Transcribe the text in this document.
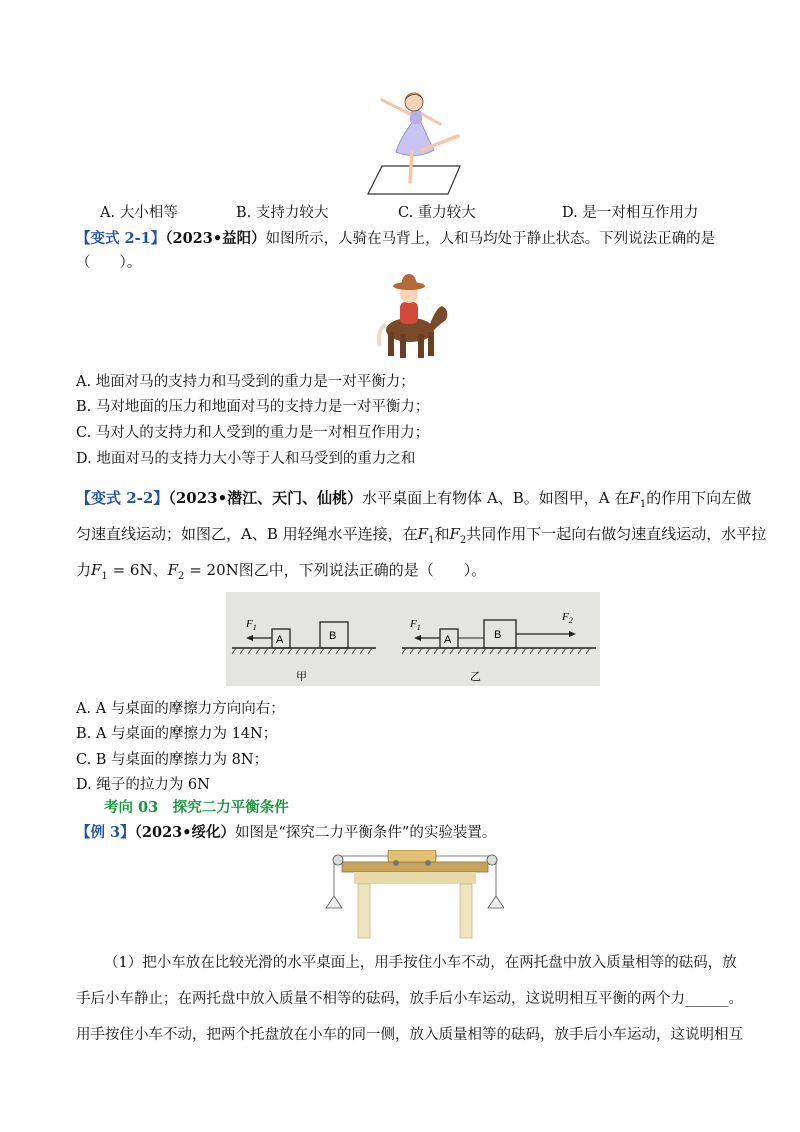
A. 大小相等	B. 支持力较大	C. 重力较大	D. 是一对相互作用力
【变式 2-1】（2023•益阳）如图所示，人骑在马背上，人和马均处于静止状态。下列说法正确的是
（　　）。
A. 地面对马的支持力和马受到的重力是一对平衡力；
B. 马对地面的压力和地面对马的支持力是一对平衡力；
C. 马对人的支持力和人受到的重力是一对相互作用力；
D. 地面对马的支持力大小等于人和马受到的重力之和
【变式 2-2】（2023•潜江、天门、仙桃）水平桌面上有物体 A、B。如图甲，A 在$F_1$的作用下向左做
匀速直线运动；如图乙，A、B 用轻绳水平连接，在$F_1$和$F_2$共同作用下一起向右做匀速直线运动，水平拉
力$F_1 = 6N$、$F_2 = 20N$图乙中，下列说法正确的是（　　）。
A	B
$F_1$
甲
A	B
$F_1$
$F_2$
乙
A. A 与桌面的摩擦力方向向右；
B. A 与桌面的摩擦力为 14N；
C. B 与桌面的摩擦力为 8N；
D. 绳子的拉力为 6N
考向 03　探究二力平衡条件
【例 3】（2023•绥化）如图是“探究二力平衡条件”的实验装置。
（1）把小车放在比较光滑的水平桌面上，用手按住小车不动，在两托盘中放入质量相等的砝码，放
手后小车静止；在两托盘中放入质量不相等的砝码，放手后小车运动，这说明相互平衡的两个力______。
用手按住小车不动，把两个托盘放在小车的同一侧，放入质量相等的砝码，放手后小车运动，这说明相互
